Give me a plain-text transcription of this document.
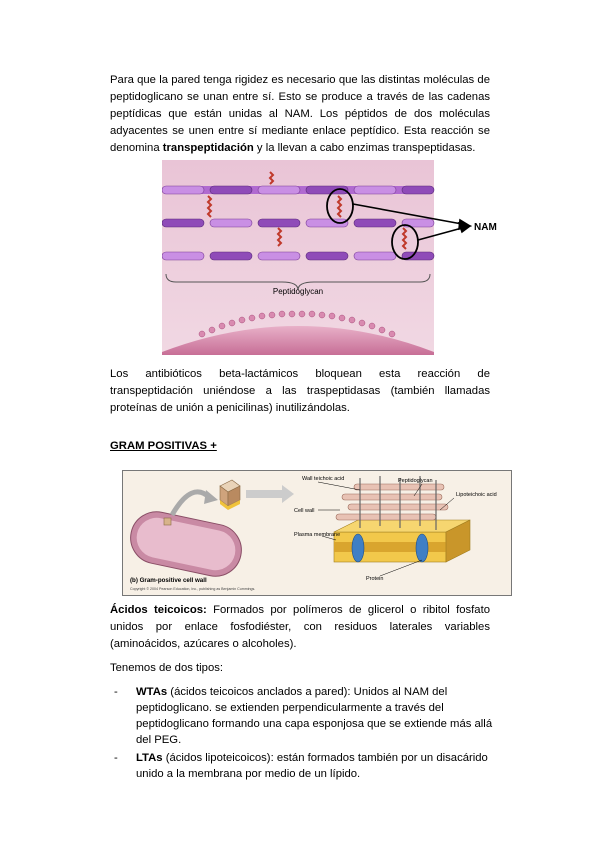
Para que la pared tenga rigidez es necesario que las distintas moléculas de peptidoglicano se unan entre sí. Esto se produce a través de las cadenas peptídicas que están unidas al NAM. Los péptidos de dos moléculas adyacentes se unen entre sí mediante enlace peptídico. Esta reacción se denomina transpeptidación y la llevan a cabo enzimas transpeptidasas.
NAM
Peptidoglycan
Los antibióticos beta-lactámicos bloquean esta reacción de transpeptidación uniéndose a las traspeptidasas (también llamadas proteínas de unión a penicilinas) inutilizándolas.
GRAM POSITIVAS +
Wall teichoic acid	Peptidoglycan
Lipoteichoic acid
Cell wall
Plasma membrane
Protein
(b) Gram-positive cell wall
Copyright © 2004 Pearson Education, Inc., publishing as Benjamin Cummings.
Ácidos teicoicos: Formados por polímeros de glicerol o ribitol fosfato unidos por enlace fosfodiéster, con residuos laterales variables (aminoácidos, azúcares o alcoholes).
Tenemos de dos tipos:
- WTAs (ácidos teicoicos anclados a pared): Unidos al NAM del peptidoglicano. se extienden perpendicularmente a través del peptidoglicano formando una capa esponjosa que se extiende más allá del PEG.
- LTAs (ácidos lipoteicoicos): están formados también por un disacárido unido a la membrana por medio de un lípido.
